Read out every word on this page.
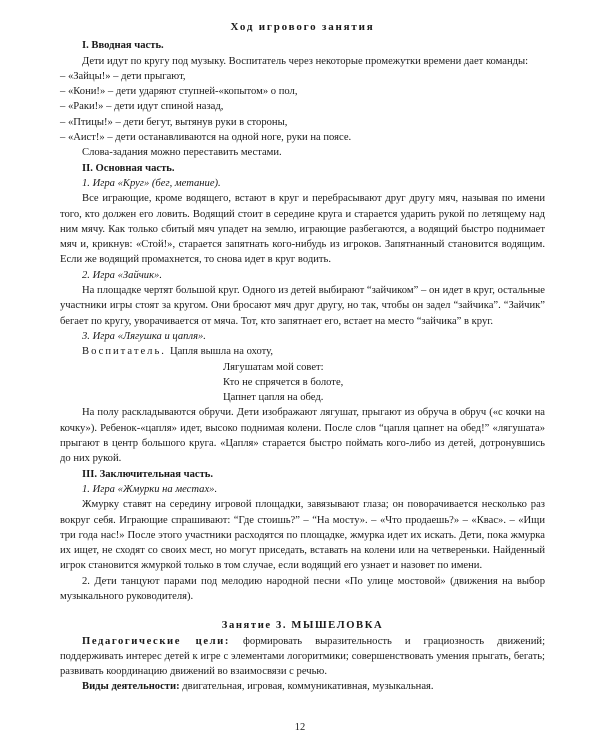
Ход игрового занятия

I. Вводная часть.

Дети идут по кругу под музыку. Воспитатель через некоторые промежутки времени дает команды:

– «Зайцы!» – дети прыгают,

– «Кони!» – дети ударяют ступней-«копытом» о пол,

– «Раки!» – дети идут спиной назад,

– «Птицы!» – дети бегут, вытянув руки в стороны,

– «Аист!» – дети останавливаются на одной ноге, руки на поясе.

Слова-задания можно переставить местами.

II. Основная часть.

1. Игра «Круг» (бег, метание).

Все играющие, кроме водящего, встают в круг и перебрасывают друг другу мяч, называя по имени того, кто должен его ловить. Водящий стоит в середине круга и старается ударить рукой по летящему над ним мячу. Как только сбитый мяч упадет на землю, играющие разбегаются, а водящий быстро поднимает мяч и, крикнув: «Стой!», старается запятнать кого-нибудь из игроков. Запятнанный становится водящим. Если же водящий промахнется, то снова идет в круг водить.

2. Игра «Зайчик».

На площадке чертят большой круг. Одного из детей выбирают “зайчиком” – он идет в круг, остальные участники игры стоят за кругом. Они бросают мяч друг другу, но так, чтобы он задел “зайчика”. “Зайчик” бегает по кругу, уворачивается от мяча. Тот, кто запятнает его, встает на место “зайчика” в круг.

3. Игра «Лягушка и цапля».

Воспитатель. Цапля вышла на охоту,

Лягушатам мой совет:

Кто не спрячется в болоте,

Цапнет цапля на обед.

На полу раскладываются обручи. Дети изображают лягушат, прыгают из обруча в обруч («с кочки на кочку»). Ребенок-«цапля» идет, высоко поднимая колени. После слов “цапля цапнет на обед!” «лягушата» прыгают в центр большого круга. «Цапля» старается быстро поймать кого-либо из детей, дотронувшись до них рукой.

III. Заключительная часть.

1. Игра «Жмурки на местах».

Жмурку ставят на середину игровой площадки, завязывают глаза; он поворачивается несколько раз вокруг себя. Играющие спрашивают: “Где стоишь?” – “На мосту». – «Что продаешь?» – «Квас». – «Ищи три года нас!» После этого участники расходятся по площадке, жмурка идет их искать. Дети, пока жмурка их ищет, не сходят со своих мест, но могут приседать, вставать на колени или на четвереньки. Найденный игрок становится жмуркой только в том случае, если водящий его узнает и назовет по имени.

2. Дети танцуют парами под мелодию народной песни «По улице мостовой» (движения на выбор музыкального руководителя).

Занятие 3. МЫШЕЛОВКА

Педагогические цели: формировать выразительность и грациозность движений; поддерживать интерес детей к игре с элементами логоритмики; совершенствовать умения прыгать, бегать; развивать координацию движений во взаимосвязи с речью.

Виды деятельности: двигательная, игровая, коммуникативная, музыкальная.

12
